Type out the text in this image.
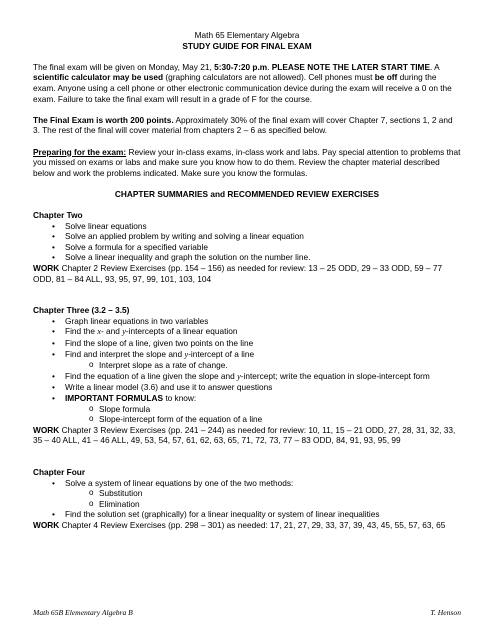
Math 65 Elementary Algebra

STUDY GUIDE FOR FINAL EXAM

The final exam will be given on Monday, May 21, 5:30-7:20 p.m. PLEASE NOTE THE LATER START TIME. A scientific calculator may be used (graphing calculators are not allowed). Cell phones must be off during the exam. Anyone using a cell phone or other electronic communication device during the exam will receive a 0 on the exam. Failure to take the final exam will result in a grade of F for the course.

The Final Exam is worth 200 points. Approximately 30% of the final exam will cover Chapter 7, sections 1, 2 and 3. The rest of the final will cover material from chapters 2 – 6 as specified below.

Preparing for the exam: Review your in-class exams, in-class work and labs. Pay special attention to problems that you missed on exams or labs and make sure you know how to do them. Review the chapter material described below and work the problems indicated. Make sure you know the formulas.

CHAPTER SUMMARIES and RECOMMENDED REVIEW EXERCISES

Chapter Two

• Solve linear equations
• Solve an applied problem by writing and solving a linear equation
• Solve a formula for a specified variable
• Solve a linear inequality and graph the solution on the number line.

WORK Chapter 2 Review Exercises (pp. 154 – 156) as needed for review: 13 – 25 ODD, 29 – 33 ODD, 59 – 77 ODD, 81 – 84 ALL, 93, 95, 97, 99, 101, 103, 104

Chapter Three (3.2 – 3.5)

• Graph linear equations in two variables
• Find the x- and y-intercepts of a linear equation
• Find the slope of a line, given two points on the line
• Find and interpret the slope and y-intercept of a line
o Interpret slope as a rate of change.
• Find the equation of a line given the slope and y-intercept; write the equation in slope-intercept form
• Write a linear model (3.6) and use it to answer questions
• IMPORTANT FORMULAS to know:
o Slope formula
o Slope-intercept form of the equation of a line

WORK Chapter 3 Review Exercises (pp. 241 – 244) as needed for review: 10, 11, 15 – 21 ODD, 27, 28, 31, 32, 33, 35 – 40 ALL, 41 – 46 ALL, 49, 53, 54, 57, 61, 62, 63, 65, 71, 72, 73, 77 – 83 ODD, 84, 91, 93, 95, 99

Chapter Four

• Solve a system of linear equations by one of the two methods:
o Substitution
o Elimination
• Find the solution set (graphically) for a linear inequality or system of linear inequalities

WORK Chapter 4 Review Exercises (pp. 298 – 301) as needed: 17, 21, 27, 29, 33, 37, 39, 43, 45, 55, 57, 63, 65

Math 65B Elementary Algebra B	T. Henson
